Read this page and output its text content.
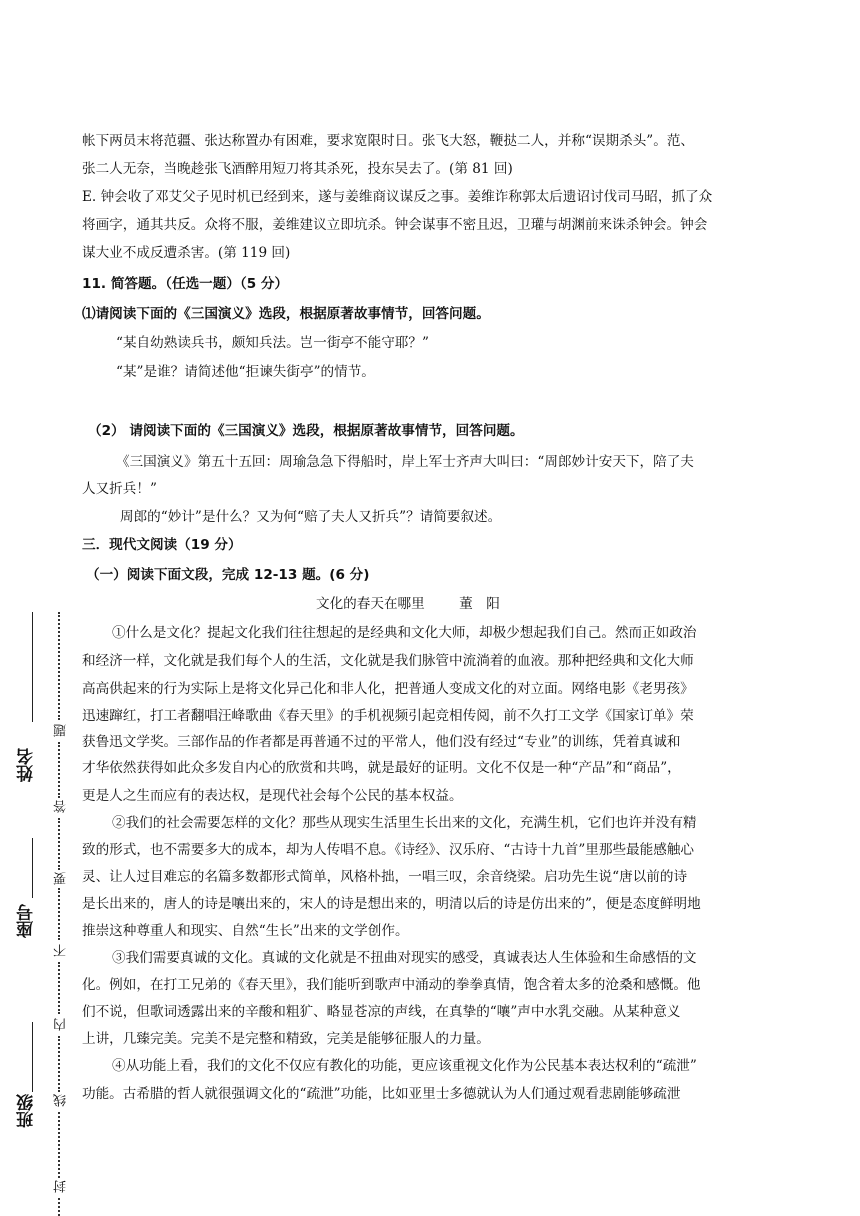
姓名
座号
班级
题
答
要
不
内
线
封
帐下两员末将范疆、张达称置办有困难，要求宽限时日。张飞大怒，鞭挞二人，并称“误期杀头”。范、
张二人无奈，当晚趁张飞酒醉用短刀将其杀死，投东吴去了。(第 81 回)
E. 钟会收了邓艾父子见时机已经到来，遂与姜维商议谋反之事。姜维诈称郭太后遗诏讨伐司马昭，抓了众
将画字，通其共反。众将不服，姜维建议立即坑杀。钟会谋事不密且迟，卫瓘与胡渊前来诛杀钟会。钟会
谋大业不成反遭杀害。(第 119 回)
11. 简答题。（任选一题）（5 分）
⑴请阅读下面的《三国演义》选段，根据原著故事情节，回答问题。
“某自幼熟读兵书，颇知兵法。岂一街亭不能守耶？”
“某”是谁？请简述他“拒谏失街亭”的情节。
（2） 请阅读下面的《三国演义》选段，根据原著故事情节，回答问题。
《三国演义》第五十五回：周瑜急急下得船时，岸上军士齐声大叫曰：“周郎妙计安天下，陪了夫
人又折兵！”
周郎的“妙计”是什么？又为何“赔了夫人又折兵”？请简要叙述。
三．现代文阅读（19 分）
（一）阅读下面文段，完成 12-13 题。(6 分)
文化的春天在哪里	董　阳
①什么是文化？提起文化我们往往想起的是经典和文化大师，却极少想起我们自己。然而正如政治
和经济一样，文化就是我们每个人的生活，文化就是我们脉管中流淌着的血液。那种把经典和文化大师
高高供起来的行为实际上是将文化异己化和非人化，把普通人变成文化的对立面。网络电影《老男孩》
迅速蹿红，打工者翻唱汪峰歌曲《春天里》的手机视频引起竞相传阅，前不久打工文学《国家订单》荣
获鲁迅文学奖。三部作品的作者都是再普通不过的平常人，他们没有经过“专业”的训练，凭着真诚和
才华依然获得如此众多发自内心的欣赏和共鸣，就是最好的证明。文化不仅是一种“产品”和“商品”，
更是人之生而应有的表达权，是现代社会每个公民的基本权益。
②我们的社会需要怎样的文化？那些从现实生活里生长出来的文化，充满生机，它们也许并没有精
致的形式，也不需要多大的成本，却为人传唱不息。《诗经》、汉乐府、“古诗十九首”里那些最能感触心
灵、让人过目难忘的名篇多数都形式简单，风格朴拙，一唱三叹，余音绕梁。启功先生说“唐以前的诗
是长出来的，唐人的诗是嚷出来的，宋人的诗是想出来的，明清以后的诗是仿出来的”，便是态度鲜明地
推崇这种尊重人和现实、自然“生长”出来的文学创作。
③我们需要真诚的文化。真诚的文化就是不扭曲对现实的感受，真诚表达人生体验和生命感悟的文
化。例如，在打工兄弟的《春天里》，我们能听到歌声中涌动的拳拳真情，饱含着太多的沧桑和感慨。他
们不说，但歌词透露出来的辛酸和粗犷、略显苍凉的声线，在真挚的“嚷”声中水乳交融。从某种意义
上讲，几臻完美。完美不是完整和精致，完美是能够征服人的力量。
④从功能上看，我们的文化不仅应有教化的功能，更应该重视文化作为公民基本表达权利的“疏泄”
功能。古希腊的哲人就很强调文化的“疏泄”功能，比如亚里士多德就认为人们通过观看悲剧能够疏泄
